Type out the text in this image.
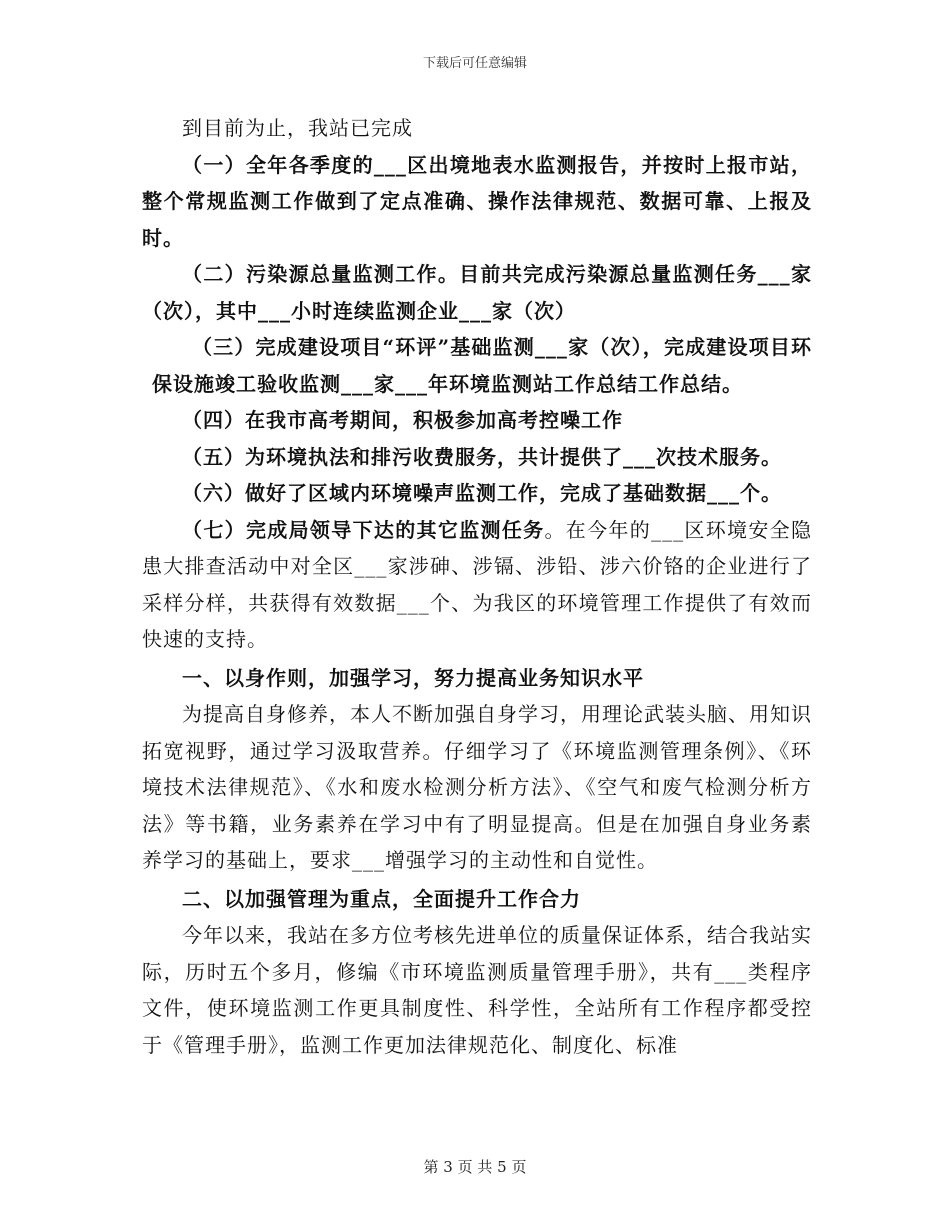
下载后可任意编辑

到目前为止，我站已完成

（一）全年各季度的___区出境地表水监测报告，并按时上报市站，整个常规监测工作做到了定点准确、操作法律规范、数据可靠、上报及时。

（二）污染源总量监测工作。目前共完成污染源总量监测任务___家（次），其中___小时连续监测企业___家（次）

（三）完成建设项目“环评”基础监测___家（次），完成建设项目环保设施竣工验收监测___家___年环境监测站工作总结工作总结。

（四）在我市高考期间，积极参加高考控噪工作

（五）为环境执法和排污收费服务，共计提供了___次技术服务。

（六）做好了区域内环境噪声监测工作，完成了基础数据___个。

（七）完成局领导下达的其它监测任务。在今年的___区环境安全隐患大排查活动中对全区___家涉砷、涉镉、涉铅、涉六价铬的企业进行了采样分样，共获得有效数据___个、为我区的环境管理工作提供了有效而快速的支持。

一、以身作则，加强学习，努力提高业务知识水平

为提高自身修养，本人不断加强自身学习，用理论武装头脑、用知识拓宽视野，通过学习汲取营养。仔细学习了《环境监测管理条例》、《环境技术法律规范》、《水和废水检测分析方法》、《空气和废气检测分析方法》等书籍，业务素养在学习中有了明显提高。但是在加强自身业务素养学习的基础上，要求___增强学习的主动性和自觉性。

二、以加强管理为重点，全面提升工作合力

今年以来，我站在多方位考核先进单位的质量保证体系，结合我站实际，历时五个多月，修编《市环境监测质量管理手册》，共有___类程序文件，使环境监测工作更具制度性、科学性，全站所有工作程序都受控于《管理手册》，监测工作更加法律规范化、制度化、标准

第 3 页 共 5 页
